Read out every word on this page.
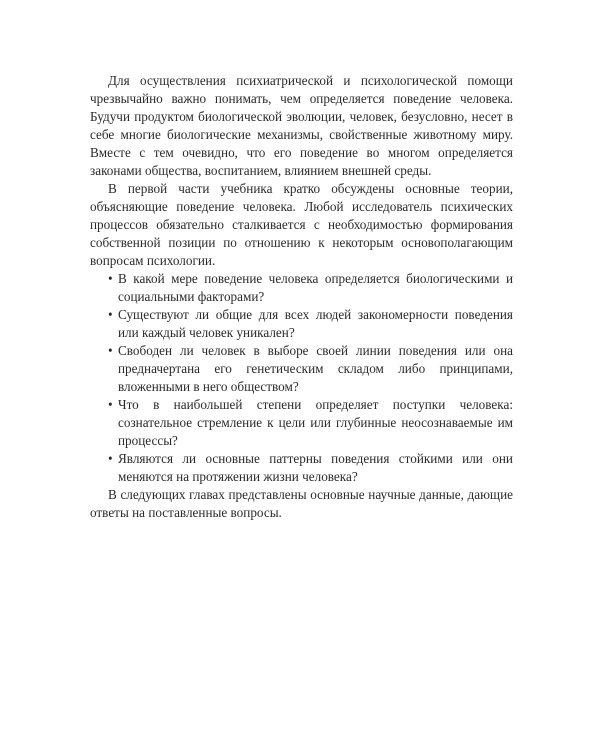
Для осуществления психиатрической и психологической помощи чрезвычайно важно понимать, чем определяется поведение человека. Будучи продуктом биологической эволюции, человек, безусловно, несет в себе многие биологические механизмы, свойственные животному миру. Вместе с тем очевидно, что его поведение во многом определяется законами общества, воспитанием, влиянием внешней среды.

В первой части учебника кратко обсуждены основные теории, объясняющие поведение человека. Любой исследователь психических процессов обязательно сталкивается с необходимостью формирования собственной позиции по отношению к некоторым основополагающим вопросам психологии.

• В какой мере поведение человека определяется биологическими и социальными факторами?
• Существуют ли общие для всех людей закономерности поведения или каждый человек уникален?
• Свободен ли человек в выборе своей линии поведения или она предначертана его генетическим складом либо принципами, вложенными в него обществом?
• Что в наибольшей степени определяет поступки человека: сознательное стремление к цели или глубинные неосознаваемые им процессы?
• Являются ли основные паттерны поведения стойкими или они меняются на протяжении жизни человека?

В следующих главах представлены основные научные данные, дающие ответы на поставленные вопросы.
